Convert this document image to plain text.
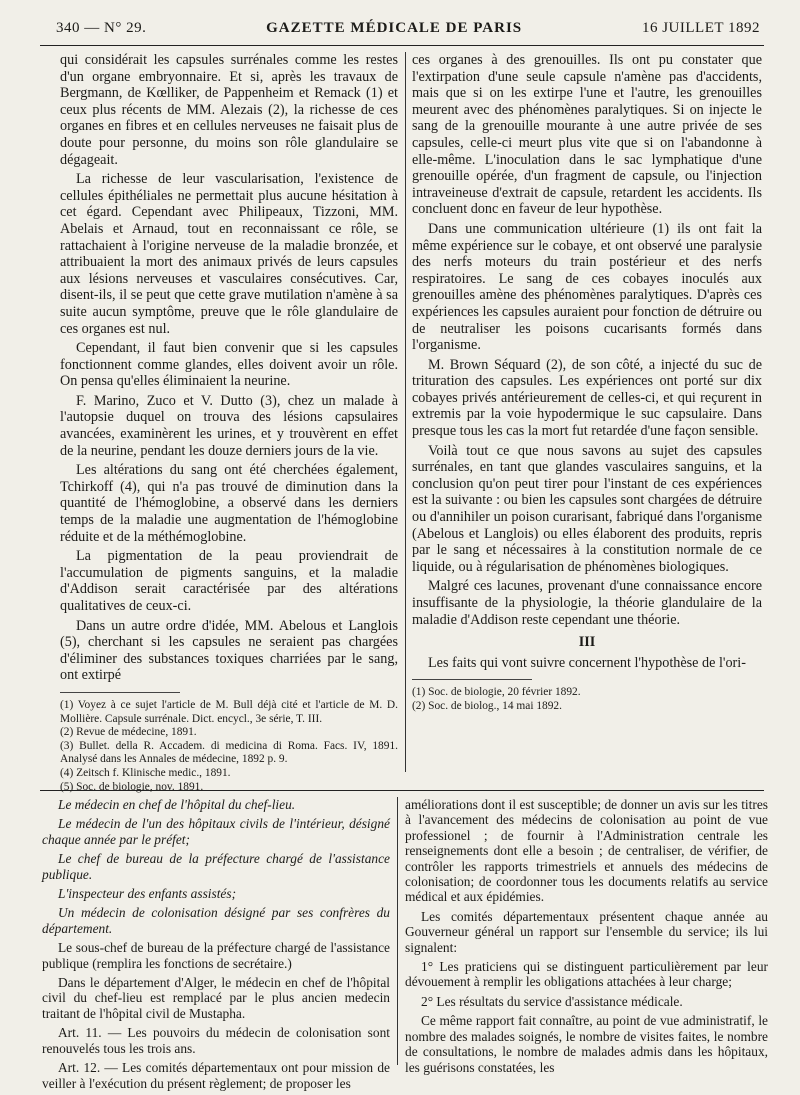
340 — N° 29.	GAZETTE MÉDICALE DE PARIS	16 JUILLET 1892

qui considérait les capsules surrénales comme les restes d'un organe embryonnaire. Et si, après les travaux de Bergmann, de Kœlliker, de Pappenheim et Remack (1) et ceux plus récents de MM. Alezais (2), la richesse de ces organes en fibres et en cellules nerveuses ne faisait plus de doute pour personne, du moins son rôle glandulaire se dégageait.

La richesse de leur vascularisation, l'existence de cellules épithéliales ne permettait plus aucune hésitation à cet égard. Cependant avec Philipeaux, Tizzoni, MM. Abelais et Arnaud, tout en reconnaissant ce rôle, se rattachaient à l'origine nerveuse de la maladie bronzée, et attribuaient la mort des animaux privés de leurs capsules aux lésions nerveuses et vasculaires consécutives. Car, disent-ils, il se peut que cette grave mutilation n'amène à sa suite aucun symptôme, preuve que le rôle glandulaire de ces organes est nul.

Cependant, il faut bien convenir que si les capsules fonctionnent comme glandes, elles doivent avoir un rôle. On pensa qu'elles éliminaient la neurine.

F. Marino, Zuco et V. Dutto (3), chez un malade à l'autopsie duquel on trouva des lésions capsulaires avancées, examinèrent les urines, et y trouvèrent en effet de la neurine, pendant les douze derniers jours de la vie.

Les altérations du sang ont été cherchées également, Tchirkoff (4), qui n'a pas trouvé de diminution dans la quantité de l'hémoglobine, a observé dans les derniers temps de la maladie une augmentation de l'hémoglobine réduite et de la méthémoglobine.

La pigmentation de la peau proviendrait de l'accumulation de pigments sanguins, et la maladie d'Addison serait caractérisée par des altérations qualitatives de ceux-ci.

Dans un autre ordre d'idée, MM. Abelous et Langlois (5), cherchant si les capsules ne seraient pas chargées d'éliminer des substances toxiques charriées par le sang, ont extirpé

(1) Voyez à ce sujet l'article de M. Bull déjà cité et l'article de M. D. Mollière. Capsule surrénale. Dict. encycl., 3e série, T. III.

(2) Revue de médecine, 1891.

(3) Bullet. della R. Accadem. di medicina di Roma. Facs. IV, 1891. Analysé dans les Annales de médecine, 1892 p. 9.

(4) Zeitsch f. Klinische medic., 1891.

(5) Soc. de biologie, nov. 1891.

ces organes à des grenouilles. Ils ont pu constater que l'extirpation d'une seule capsule n'amène pas d'accidents, mais que si on les extirpe l'une et l'autre, les grenouilles meurent avec des phénomènes paralytiques. Si on injecte le sang de la grenouille mourante à une autre privée de ses capsules, celle-ci meurt plus vite que si on l'abandonne à elle-même. L'inoculation dans le sac lymphatique d'une grenouille opérée, d'un fragment de capsule, ou l'injection intraveineuse d'extrait de capsule, retardent les accidents. Ils concluent donc en faveur de leur hypothèse.

Dans une communication ultérieure (1) ils ont fait la même expérience sur le cobaye, et ont observé une paralysie des nerfs moteurs du train postérieur et des nerfs respiratoires. Le sang de ces cobayes inoculés aux grenouilles amène des phénomènes paralytiques. D'après ces expériences les capsules auraient pour fonction de détruire ou de neutraliser les poisons cucarisants formés dans l'organisme.

M. Brown Séquard (2), de son côté, a injecté du suc de trituration des capsules. Les expériences ont porté sur dix cobayes privés antérieurement de celles-ci, et qui reçurent in extremis par la voie hypodermique le suc capsulaire. Dans presque tous les cas la mort fut retardée d'une façon sensible.

Voilà tout ce que nous savons au sujet des capsules surrénales, en tant que glandes vasculaires sanguins, et la conclusion qu'on peut tirer pour l'instant de ces expériences est la suivante : ou bien les capsules sont chargées de détruire ou d'annihiler un poison curarisant, fabriqué dans l'organisme (Abelous et Langlois) ou elles élaborent des produits, repris par le sang et nécessaires à la constitution normale de ce liquide, ou à régularisation de phénomènes biologiques.

Malgré ces lacunes, provenant d'une connaissance encore insuffisante de la physiologie, la théorie glandulaire de la maladie d'Addison reste cependant une théorie.

III

Les faits qui vont suivre concernent l'hypothèse de l'ori-

(1) Soc. de biologie, 20 février 1892.

(2) Soc. de biolog., 14 mai 1892.

Le médecin en chef de l'hôpital du chef-lieu.

Le médecin de l'un des hôpitaux civils de l'intérieur, désigné chaque année par le préfet;

Le chef de bureau de la préfecture chargé de l'assistance publique.

L'inspecteur des enfants assistés;

Un médecin de colonisation désigné par ses confrères du département.

Le sous-chef de bureau de la préfecture chargé de l'assistance publique (remplira les fonctions de secrétaire.)

Dans le département d'Alger, le médecin en chef de l'hôpital civil du chef-lieu est remplacé par le plus ancien medecin traitant de l'hôpital civil de Mustapha.

Art. 11. — Les pouvoirs du médecin de colonisation sont renouvelés tous les trois ans.

Art. 12. — Les comités départementaux ont pour mission de veiller à l'exécution du présent règlement; de proposer les

améliorations dont il est susceptible; de donner un avis sur les titres à l'avancement des médecins de colonisation au point de vue professionel ; de fournir à l'Administration centrale les renseignements dont elle a besoin ; de centraliser, de vérifier, de contrôler les rapports trimestriels et annuels des médecins de colonisation; de coordonner tous les documents relatifs au service médical et aux épidémies.

Les comités départementaux présentent chaque année au Gouverneur général un rapport sur l'ensemble du service; ils lui signalent:

1° Les praticiens qui se distinguent particulièrement par leur dévouement à remplir les obligations attachées à leur charge;

2° Les résultats du service d'assistance médicale.

Ce même rapport fait connaître, au point de vue administratif, le nombre des malades soignés, le nombre de visites faites, le nombre de consultations, le nombre de malades admis dans les hôpitaux, les guérisons constatées, les
